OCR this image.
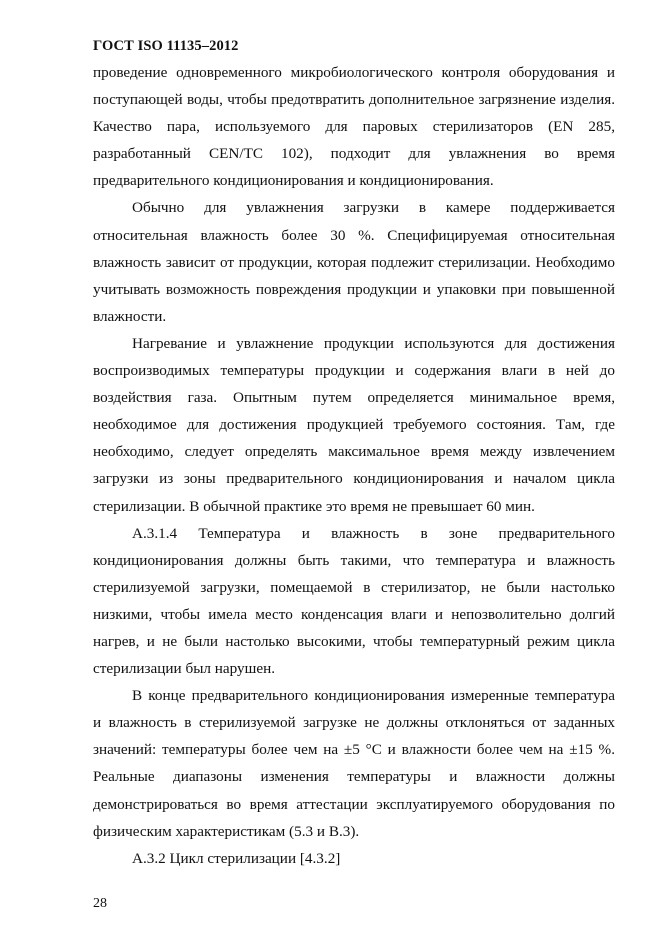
ГОСТ ISO 11135–2012

проведение одновременного микробиологического контроля оборудования и поступающей воды, чтобы предотвратить дополнительное загрязнение изделия. Качество пара, используемого для паровых стерилизаторов (EN 285, разработанный CEN/TC 102), подходит для увлажнения во время предварительного кондиционирования и кондиционирования.

Обычно для увлажнения загрузки в камере поддерживается относительная влажность более 30 %. Специфицируемая относительная влажность зависит от продукции, которая подлежит стерилизации. Необходимо учитывать возможность повреждения продукции и упаковки при повышенной влажности.

Нагревание и увлажнение продукции используются для достижения воспроизводимых температуры продукции и содержания влаги в ней до воздействия газа. Опытным путем определяется минимальное время, необходимое для достижения продукцией требуемого состояния. Там, где необходимо, следует определять максимальное время между извлечением загрузки из зоны предварительного кондиционирования и началом цикла стерилизации. В обычной практике это время не превышает 60 мин.

А.3.1.4 Температура и влажность в зоне предварительного кондиционирования должны быть такими, что температура и влажность стерилизуемой загрузки, помещаемой в стерилизатор, не были настолько низкими, чтобы имела место конденсация влаги и непозволительно долгий нагрев, и не были настолько высокими, чтобы температурный режим цикла стерилизации был нарушен.

В конце предварительного кондиционирования измеренные температура и влажность в стерилизуемой загрузке не должны отклоняться от заданных значений: температуры более чем на ±5 °C и влажности более чем на ±15 %. Реальные диапазоны изменения температуры и влажности должны демонстрироваться во время аттестации эксплуатируемого оборудования по физическим характеристикам (5.3 и В.3).

А.3.2 Цикл стерилизации [4.3.2]

28
